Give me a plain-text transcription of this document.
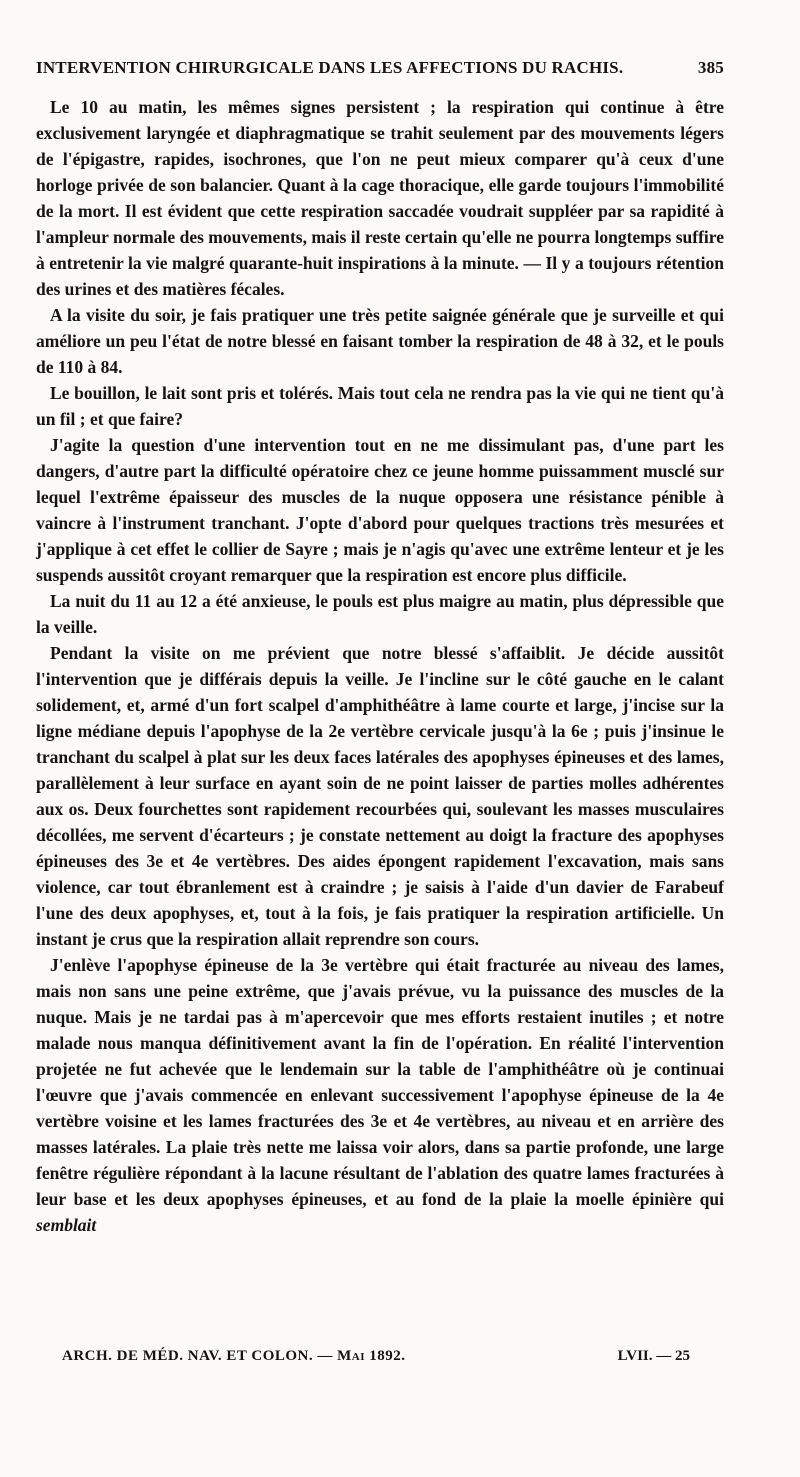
INTERVENTION CHIRURGICALE DANS LES AFFECTIONS DU RACHIS.	385

Le 10 au matin, les mêmes signes persistent ; la respiration qui continue à être exclusivement laryngée et diaphragmatique se trahit seulement par des mouvements légers de l'épigastre, rapides, isochrones, que l'on ne peut mieux comparer qu'à ceux d'une horloge privée de son balancier. Quant à la cage thoracique, elle garde toujours l'immobilité de la mort. Il est évident que cette respiration saccadée voudrait suppléer par sa rapidité à l'ampleur normale des mouvements, mais il reste certain qu'elle ne pourra longtemps suffire à entretenir la vie malgré quarante-huit inspirations à la minute. — Il y a toujours rétention des urines et des matières fécales.

A la visite du soir, je fais pratiquer une très petite saignée générale que je surveille et qui améliore un peu l'état de notre blessé en faisant tomber la respiration de 48 à 32, et le pouls de 110 à 84.

Le bouillon, le lait sont pris et tolérés. Mais tout cela ne rendra pas la vie qui ne tient qu'à un fil ; et que faire?

J'agite la question d'une intervention tout en ne me dissimulant pas, d'une part les dangers, d'autre part la difficulté opératoire chez ce jeune homme puissamment musclé sur lequel l'extrême épaisseur des muscles de la nuque opposera une résistance pénible à vaincre à l'instrument tranchant. J'opte d'abord pour quelques tractions très mesurées et j'applique à cet effet le collier de Sayre ; mais je n'agis qu'avec une extrême lenteur et je les suspends aussitôt croyant remarquer que la respiration est encore plus difficile.

La nuit du 11 au 12 a été anxieuse, le pouls est plus maigre au matin, plus dépressible que la veille.

Pendant la visite on me prévient que notre blessé s'affaiblit. Je décide aussitôt l'intervention que je différais depuis la veille. Je l'incline sur le côté gauche en le calant solidement, et, armé d'un fort scalpel d'amphithéâtre à lame courte et large, j'incise sur la ligne médiane depuis l'apophyse de la 2e vertèbre cervicale jusqu'à la 6e ; puis j'insinue le tranchant du scalpel à plat sur les deux faces latérales des apophyses épineuses et des lames, parallèlement à leur surface en ayant soin de ne point laisser de parties molles adhérentes aux os. Deux fourchettes sont rapidement recourbées qui, soulevant les masses musculaires décollées, me servent d'écarteurs ; je constate nettement au doigt la fracture des apophyses épineuses des 3e et 4e vertèbres. Des aides épongent rapidement l'excavation, mais sans violence, car tout ébranlement est à craindre ; je saisis à l'aide d'un davier de Farabeuf l'une des deux apophyses, et, tout à la fois, je fais pratiquer la respiration artificielle. Un instant je crus que la respiration allait reprendre son cours.

J'enlève l'apophyse épineuse de la 3e vertèbre qui était fracturée au niveau des lames, mais non sans une peine extrême, que j'avais prévue, vu la puissance des muscles de la nuque. Mais je ne tardai pas à m'apercevoir que mes efforts restaient inutiles ; et notre malade nous manqua définitivement avant la fin de l'opération. En réalité l'intervention projetée ne fut achevée que le lendemain sur la table de l'amphithéâtre où je continuai l'œuvre que j'avais commencée en enlevant successivement l'apophyse épineuse de la 4e vertèbre voisine et les lames fracturées des 3e et 4e vertèbres, au niveau et en arrière des masses latérales. La plaie très nette me laissa voir alors, dans sa partie profonde, une large fenêtre régulière répondant à la lacune résultant de l'ablation des quatre lames fracturées à leur base et les deux apophyses épineuses, et au fond de la plaie la moelle épinière qui semblait

ARCH. DE MÉD. NAV. ET COLON. — Mai 1892.	LVII. — 25
